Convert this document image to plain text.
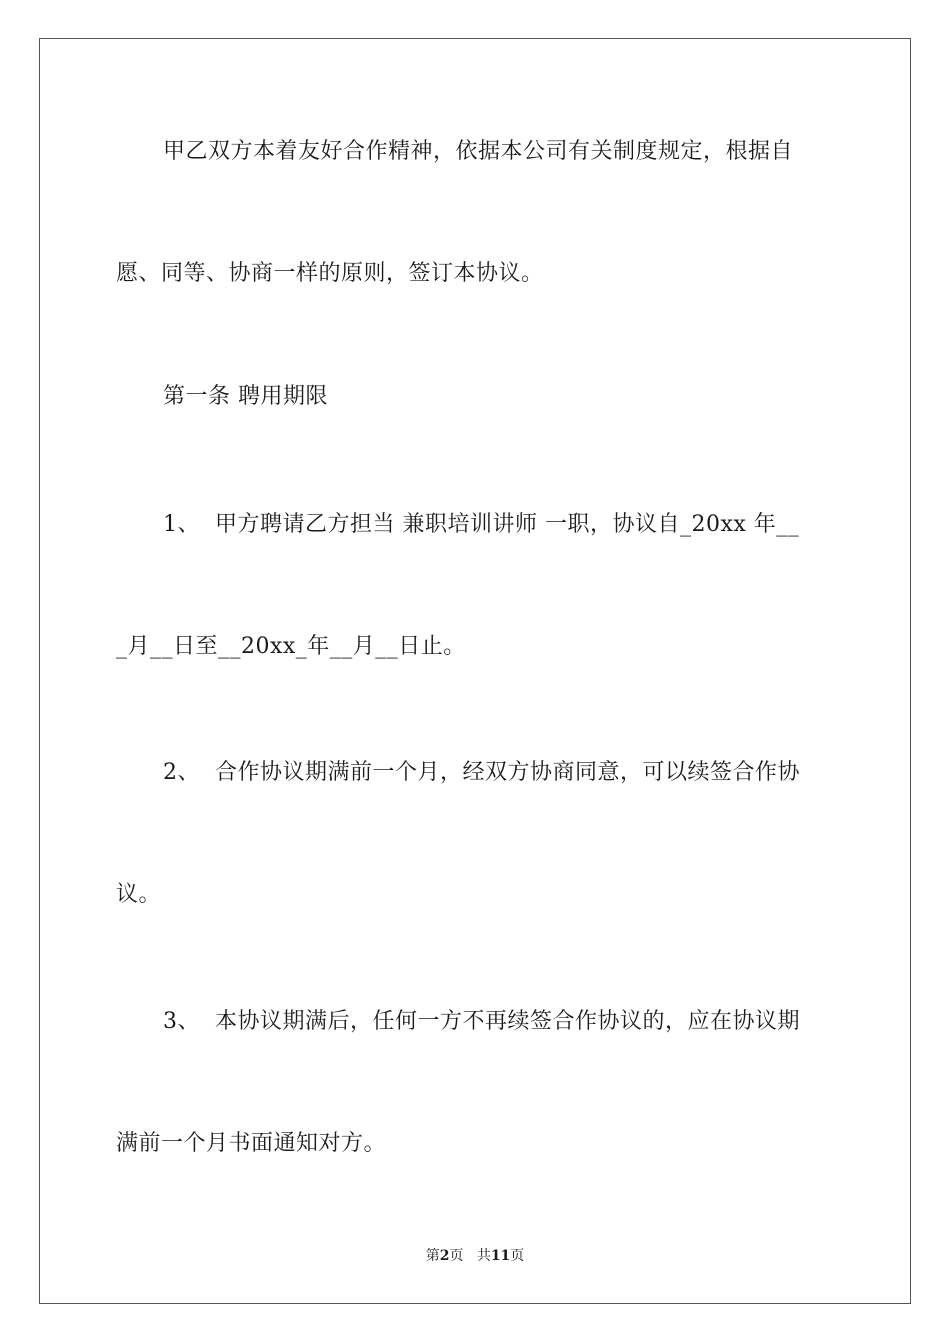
甲乙双方本着友好合作精神，依据本公司有关制度规定，根据自
愿、同等、协商一样的原则，签订本协议。
第一条 聘用期限
1、  甲方聘请乙方担当 兼职培训讲师 一职，协议自_20xx 年__
_月__日至__20xx_年__月__日止。
2、  合作协议期满前一个月，经双方协商同意，可以续签合作协
议。
3、  本协议期满后，任何一方不再续签合作协议的，应在协议期
满前一个月书面通知对方。
第2页 共11页
